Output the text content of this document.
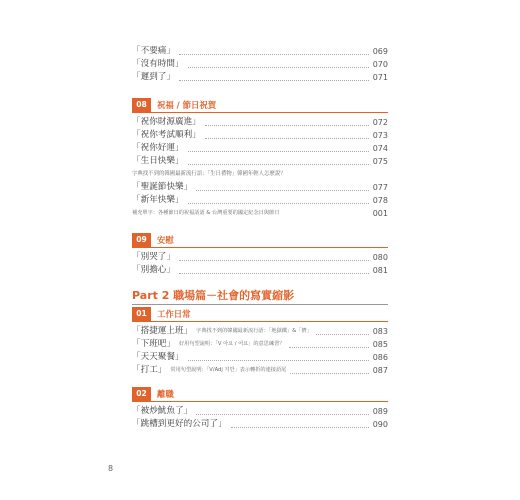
「不要痛」	069
「沒有時間」	070
「遲到了」	071
08	祝福 / 節日祝賀
「祝你財源廣進」	072
「祝你考試順利」	073
「祝你好運」	074
「生日快樂」	075
字典找不到的韓國最新流行語：「生日禮物」韓國年輕人怎麼說？
「聖誕節快樂」	077
「新年快樂」	078
補充單字：各種節日的祝福話語 & 台灣重要的國定紀念日與節日	001
09	安慰
「別哭了」	080
「別擔心」	081
Part 2 職場篇－社會的寫實縮影
01	工作日常
「搭捷運上班」 字典找不到的韓國最新流行語：「地獄鐵」&「擠」	083
「下班吧」 好用句型說明：「V 아요 / 어요」的意思練習？	085
「天天聚餐」	086
「打工」 常用句型說明：「V/Adj 지만」表示轉折的連接語尾	087
02	離職
「被炒魷魚了」	089
「跳槽到更好的公司了」	090
8
